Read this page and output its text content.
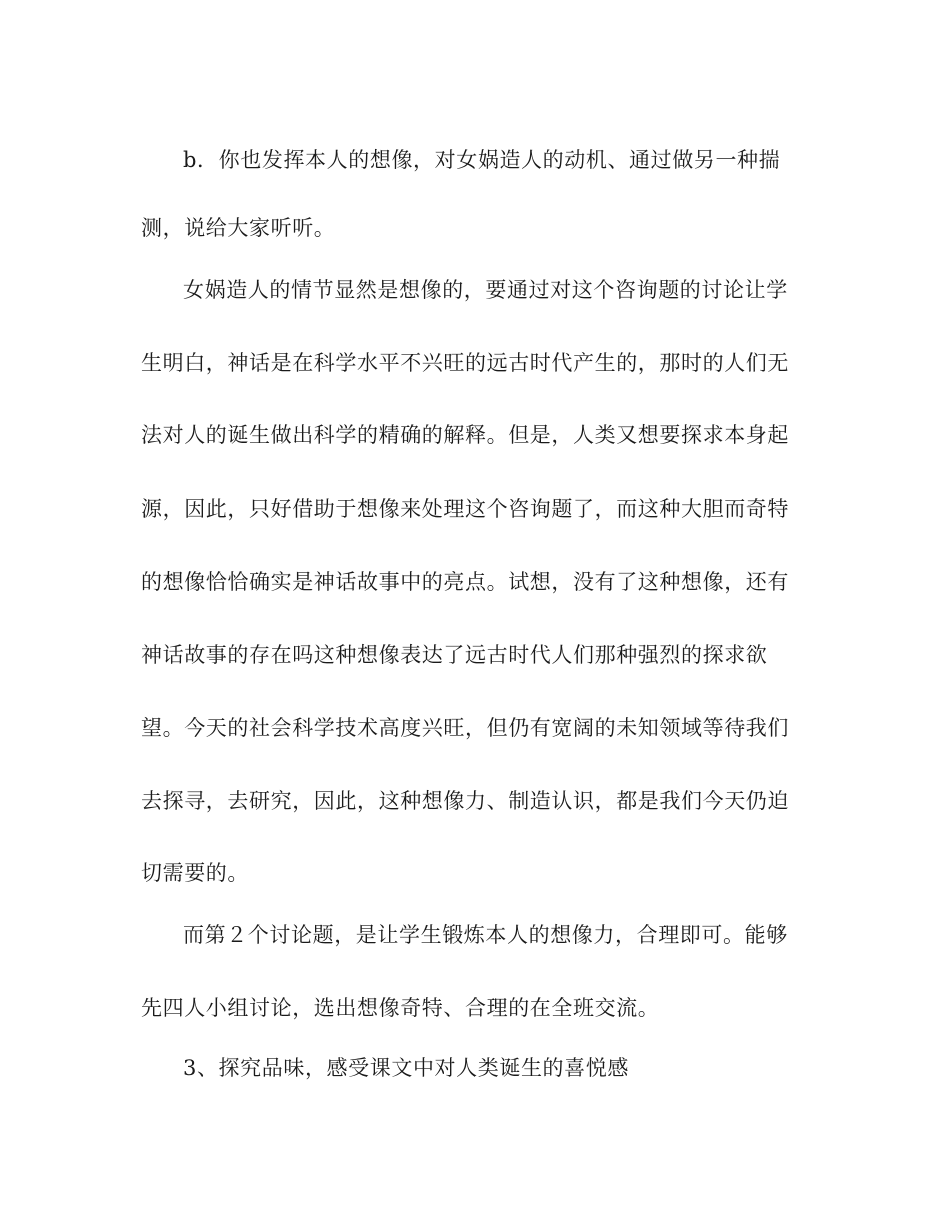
b．你也发挥本人的想像，对女娲造人的动机、通过做另一种揣
测，说给大家听听。
女娲造人的情节显然是想像的，要通过对这个咨询题的讨论让学
生明白，神话是在科学水平不兴旺的远古时代产生的，那时的人们无
法对人的诞生做出科学的精确的解释。但是，人类又想要探求本身起
源，因此，只好借助于想像来处理这个咨询题了，而这种大胆而奇特
的想像恰恰确实是神话故事中的亮点。试想，没有了这种想像，还有
神话故事的存在吗这种想像表达了远古时代人们那种强烈的探求欲
望。今天的社会科学技术高度兴旺，但仍有宽阔的未知领域等待我们
去探寻，去研究，因此，这种想像力、制造认识，都是我们今天仍迫
切需要的。
而第２个讨论题，是让学生锻炼本人的想像力，合理即可。能够
先四人小组讨论，选出想像奇特、合理的在全班交流。
3、探究品味，感受课文中对人类诞生的喜悦感
